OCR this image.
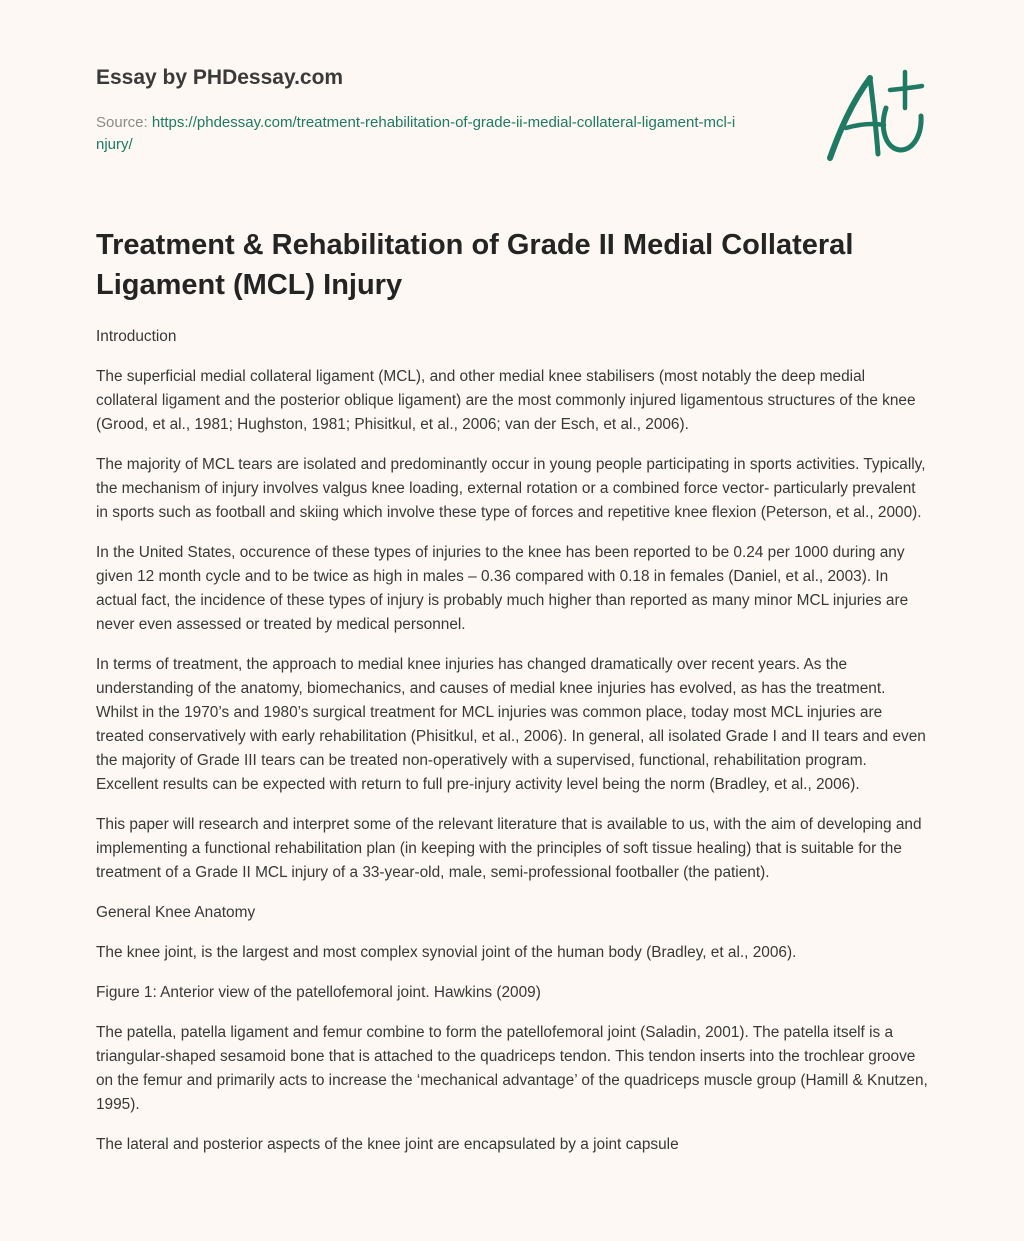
Essay by PHDessay.com
Source: https://phdessay.com/treatment-rehabilitation-of-grade-ii-medial-collateral-ligament-mcl-injury/
Treatment & Rehabilitation of Grade II Medial Collateral Ligament (MCL) Injury

Introduction

The superficial medial collateral ligament (MCL), and other medial knee stabilisers (most notably the deep medial collateral ligament and the posterior oblique ligament) are the most commonly injured ligamentous structures of the knee (Grood, et al., 1981; Hughston, 1981; Phisitkul, et al., 2006; van der Esch, et al., 2006).

The majority of MCL tears are isolated and predominantly occur in young people participating in sports activities. Typically, the mechanism of injury involves valgus knee loading, external rotation or a combined force vector- particularly prevalent in sports such as football and skiing which involve these type of forces and repetitive knee flexion (Peterson, et al., 2000).

In the United States, occurence of these types of injuries to the knee has been reported to be 0.24 per 1000 during any given 12 month cycle and to be twice as high in males – 0.36 compared with 0.18 in females (Daniel, et al., 2003). In actual fact, the incidence of these types of injury is probably much higher than reported as many minor MCL injuries are never even assessed or treated by medical personnel.

In terms of treatment, the approach to medial knee injuries has changed dramatically over recent years. As the understanding of the anatomy, biomechanics, and causes of medial knee injuries has evolved, as has the treatment. Whilst in the 1970’s and 1980’s surgical treatment for MCL injuries was common place, today most MCL injuries are treated conservatively with early rehabilitation (Phisitkul, et al., 2006). In general, all isolated Grade I and II tears and even the majority of Grade III tears can be treated non-operatively with a supervised, functional, rehabilitation program. Excellent results can be expected with return to full pre-injury activity level being the norm (Bradley, et al., 2006).

This paper will research and interpret some of the relevant literature that is available to us, with the aim of developing and implementing a functional rehabilitation plan (in keeping with the principles of soft tissue healing) that is suitable for the treatment of a Grade II MCL injury of a 33-year-old, male, semi-professional footballer (the patient).

General Knee Anatomy

The knee joint, is the largest and most complex synovial joint of the human body (Bradley, et al., 2006).

Figure 1: Anterior view of the patellofemoral joint. Hawkins (2009)

The patella, patella ligament and femur combine to form the patellofemoral joint (Saladin, 2001). The patella itself is a triangular-shaped sesamoid bone that is attached to the quadriceps tendon. This tendon inserts into the trochlear groove on the femur and primarily acts to increase the ‘mechanical advantage’ of the quadriceps muscle group (Hamill & Knutzen, 1995).

The lateral and posterior aspects of the knee joint are encapsulated by a joint capsule
